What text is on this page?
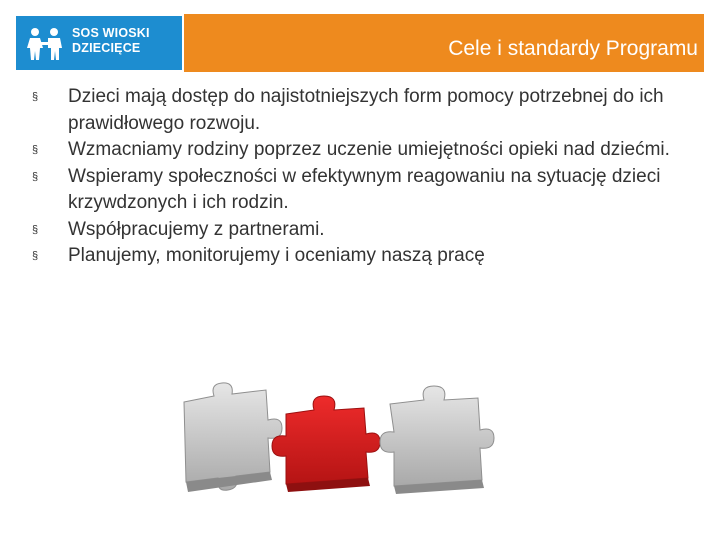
SOS WIOSKI
DZIECIĘCE	Cele i standardy Programu
§ Dzieci mają dostęp do najistotniejszych form pomocy potrzebnej do ich prawidłowego rozwoju.
§ Wzmacniamy rodziny poprzez uczenie umiejętności opieki nad dziećmi.
§ Wspieramy społeczności w efektywnym reagowaniu na sytuację dzieci krzywdzonych i ich rodzin.
§ Współpracujemy z partnerami.
§ Planujemy, monitorujemy i oceniamy naszą pracę
